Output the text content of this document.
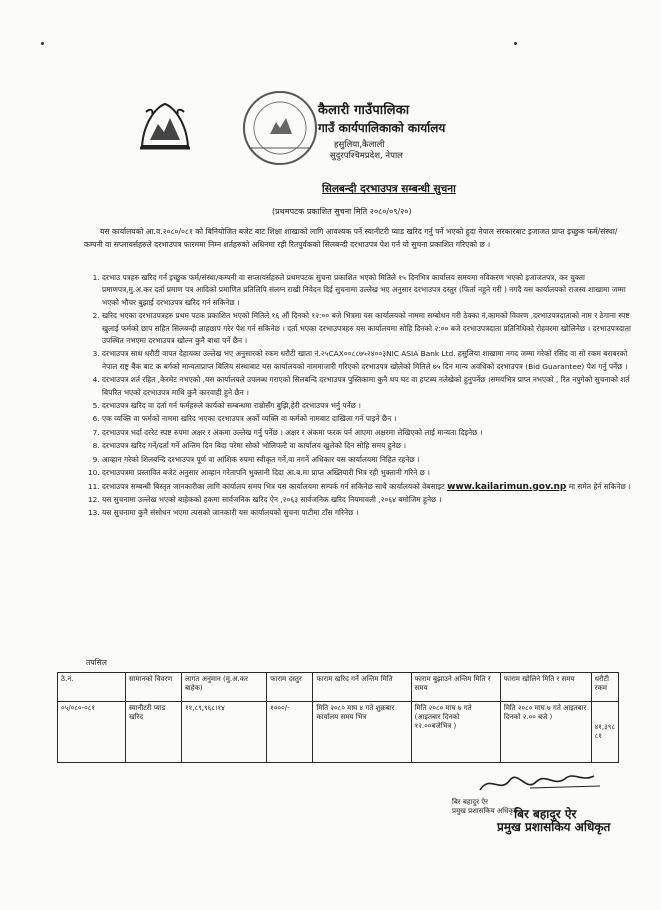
कैलारी गाउँपालिका
गाउँ कार्यपालिकाको कार्यालय
हसुलिया,कैलाली
सुदुरपश्चिमप्रदेश, नेपाल
सिलबन्दी दरभाउपत्र सम्बन्धी सुचना
(प्रथमपटक प्रकाशित सुचना मिति २०८०/०९/२०)
यस कार्यालयको आ.व.२०८०/०८१ को बिनियोजित बजेट बाट शिक्षा शाखाको लागि आवश्यक पर्ने स्यानीटरी प्याड खरिद गर्नु पर्ने भएको हुदा नेपाल सरकारबाट इजाजत प्राप्त इच्छुक फर्म/संस्था/कम्पनी वा सप्लायर्सहरुले दरभाउपत्र फारममा निम्न शर्तहरुको अधिनमा रही रितपुर्वकको सिलबन्दी दरभाउपत्र पेश गर्न यो सुचना प्रकाशित गरिएको छ ।
1. दरभाउ पत्रहरु खरिद गर्न इच्छुक फर्म/संस्था/कम्पनी वा सप्लायर्सहरुले प्रथमपटक सुचना प्रकाशित भएको मितिले १५ दिनभित्र कार्यालय समयमा नविकरण भएको इजाजतपत्र, कर चुक्ता प्रमाणपत्र,मु.अ.कर दर्ता प्रमाण पत्र आदिको प्रमाणित प्रतिलिपि संलग्न राखी निवेदन दिई सुचनामा उल्लेख भए अनुसार दरभाउपत्र दस्तुर (फिर्ता नहुने गरी ) नगदै यस कार्यालयको राजस्व शाखामा जम्मा भएको भौचर बुझाई दरभाउपत्र खरिद गर्न सकिनेछ ।
2. खरिद भएका दरभाउपत्रहरु प्रथम पटक प्रकाशित भएको मितिले १६ औं दिनको १२:०० बजे भित्रमा यस कार्यालयको नाममा सम्बोधन गरी ठेक्का नं,कामको विवरण ,दरभाउपत्रदाताको नाम र ठेगाना स्पष्ट खुलाई फर्मको छाप सहित सिलबन्दी लाहछाप गरेर पेश गर्न सकिनेछ । दर्ता भएका दरभाउपत्रहरु यस कार्यालयमा सोहि दिनको २:०० बजे दरभाउपत्रदाता प्रतिनिधिको रोहवरमा खोलिनेछ । दरभाउपत्रदाता उपस्थित नभएमा दरभाउपत्र खोल्न कुनै बाधा पर्ने छैन ।
3. दरभाउपत्र साथ धरौटी वापत देहायका उल्लेख भए अनुसारको रकम धरौटी खाता नं.२५CAX००८८७५२४००३NIC ASIA Bank Ltd. हसुलिया शाखामा नगद जम्मा गरेको रसिद वा सो रकम बराबरको नेपाल राष्ट्र बैंक बाट क बर्गको मान्यताप्राप्त बिलिय संस्थाबाट यस कार्यालयको नाममाजारी गरिएको दरभाउपत्र खोलेको मितिले ७५ दिन मान्य अवधिको दरभाउपत्र (Bid Guarantee) पेश गर्नु पर्नेछ ।
4. दरभाउपत्र शर्त रहित ,केरमेट नभएको ,यस कार्यालयले उपलब्ध गराएको सिलबन्दि दरभाउपत्र पुस्तिकामा कुनै थप घट वा हप्टब्य नलेखेको हुनुपर्नेछ ।समयभित्र प्राप्त नभएको , रित नपुगेको सुचनाको शर्त बिपरित भएको दरभाउपत्र माथि कुनै कारवाही हुने छैन ।
5. दरभाउपत्र खरिद वा दर्ता गर्न फर्महरुले कार्यको सम्बन्धमा राम्रोसँग बुझि,हेरी दरभाउपत्र भर्नु पर्नेछ ।
6. एक व्यक्ति वा फर्मको नाममा खरिद भएका दरभाउपत्र अर्को व्यक्ति वा फर्मको नामबाट दाखिला गर्न पाइने छैन ।
7. दरभाउपत्र भर्दा दररेट स्पष्ट रुपमा अक्षर र अंकमा उल्लेख गर्नु पर्नेछ । अक्षर र अंकमा फरक पर्न आएमा अक्षरमा लेखिएको लाई मान्यता दिइनेछ ।
8. दरभाउपत्र खरिद गर्ने/दर्ता गर्ने अन्तिम दिन बिदा परेमा सोको भोलिपल्टै वा कार्यालय खुलेको दिन सोहि समय हुनेछ ।
9. आव्हान गरेको शिलबन्दि दरभाउपत्र पूर्ण वा आंशिक रुपमा स्वीकृत गर्ने,वा नगर्ने अधिकार यस कार्यालयमा निहित रहनेछ ।
10. दरभाउपत्रमा प्रस्तावित बजेट अनुसार आव्हान गरेतापनि भुक्तानी दिदा आ.ब.मा प्राप्त अख्तियारी भित्र रही भुक्तानी गरिने छ ।
11. दरभाउपत्र सम्बन्धी बिस्तृत जानकारीका लागि कार्यालय समय भित्र यस कार्यालयमा सम्पर्क गर्न सकिनेछ साथै कार्यालयको वेबसाइट www.kailarimun.gov.np मा समेत हेर्न सकिनेछ ।
12. यस सुचनामा उल्लेख भएको बाहेकको हकमा सार्वजनिक खरिद ऐन ,२०६३ सार्वजनिक खरिद नियमावली ,२०६४ बमोजिम हुनेछ ।
13. यस सुचनामा कुनै संसोधन भएमा त्यसको जानकारी यस कार्यालयको सुचना पाटीमा टाँस गरिनेछ ।
तपसिल
ठे.नं.	सामानको विवरण	लागत अनुमान (मु.अ.कर बाहेक)	फाराम दस्तुर	फाराम खरिद गर्ने अन्तिम मिति	फाराम बुझाउने अन्तिम मिति र समय	फाराम खोलिने मिति र समय	धरौटी रकम
०५/०८०-०८१	स्यानीटरी प्याड खरिद	११,८९,९६८।१४	१०००/-	मिति २०८० माघ ४ गते शुक्रबार कार्यालय समय भित्र	मिति २०८० माघ ७ गते (आइतबार दिनको १२.००बजेभित्र )	मिति २०८० माघ ७ गते आइतबार दिनको २.०० बजे )	४१,३९८ ८१
बिर बहादुर ऐर
प्रमुख प्रशासकिय अधिकृत
बिर बहादुर ऐर
प्रमुख प्रशासकिय अधिकृत
